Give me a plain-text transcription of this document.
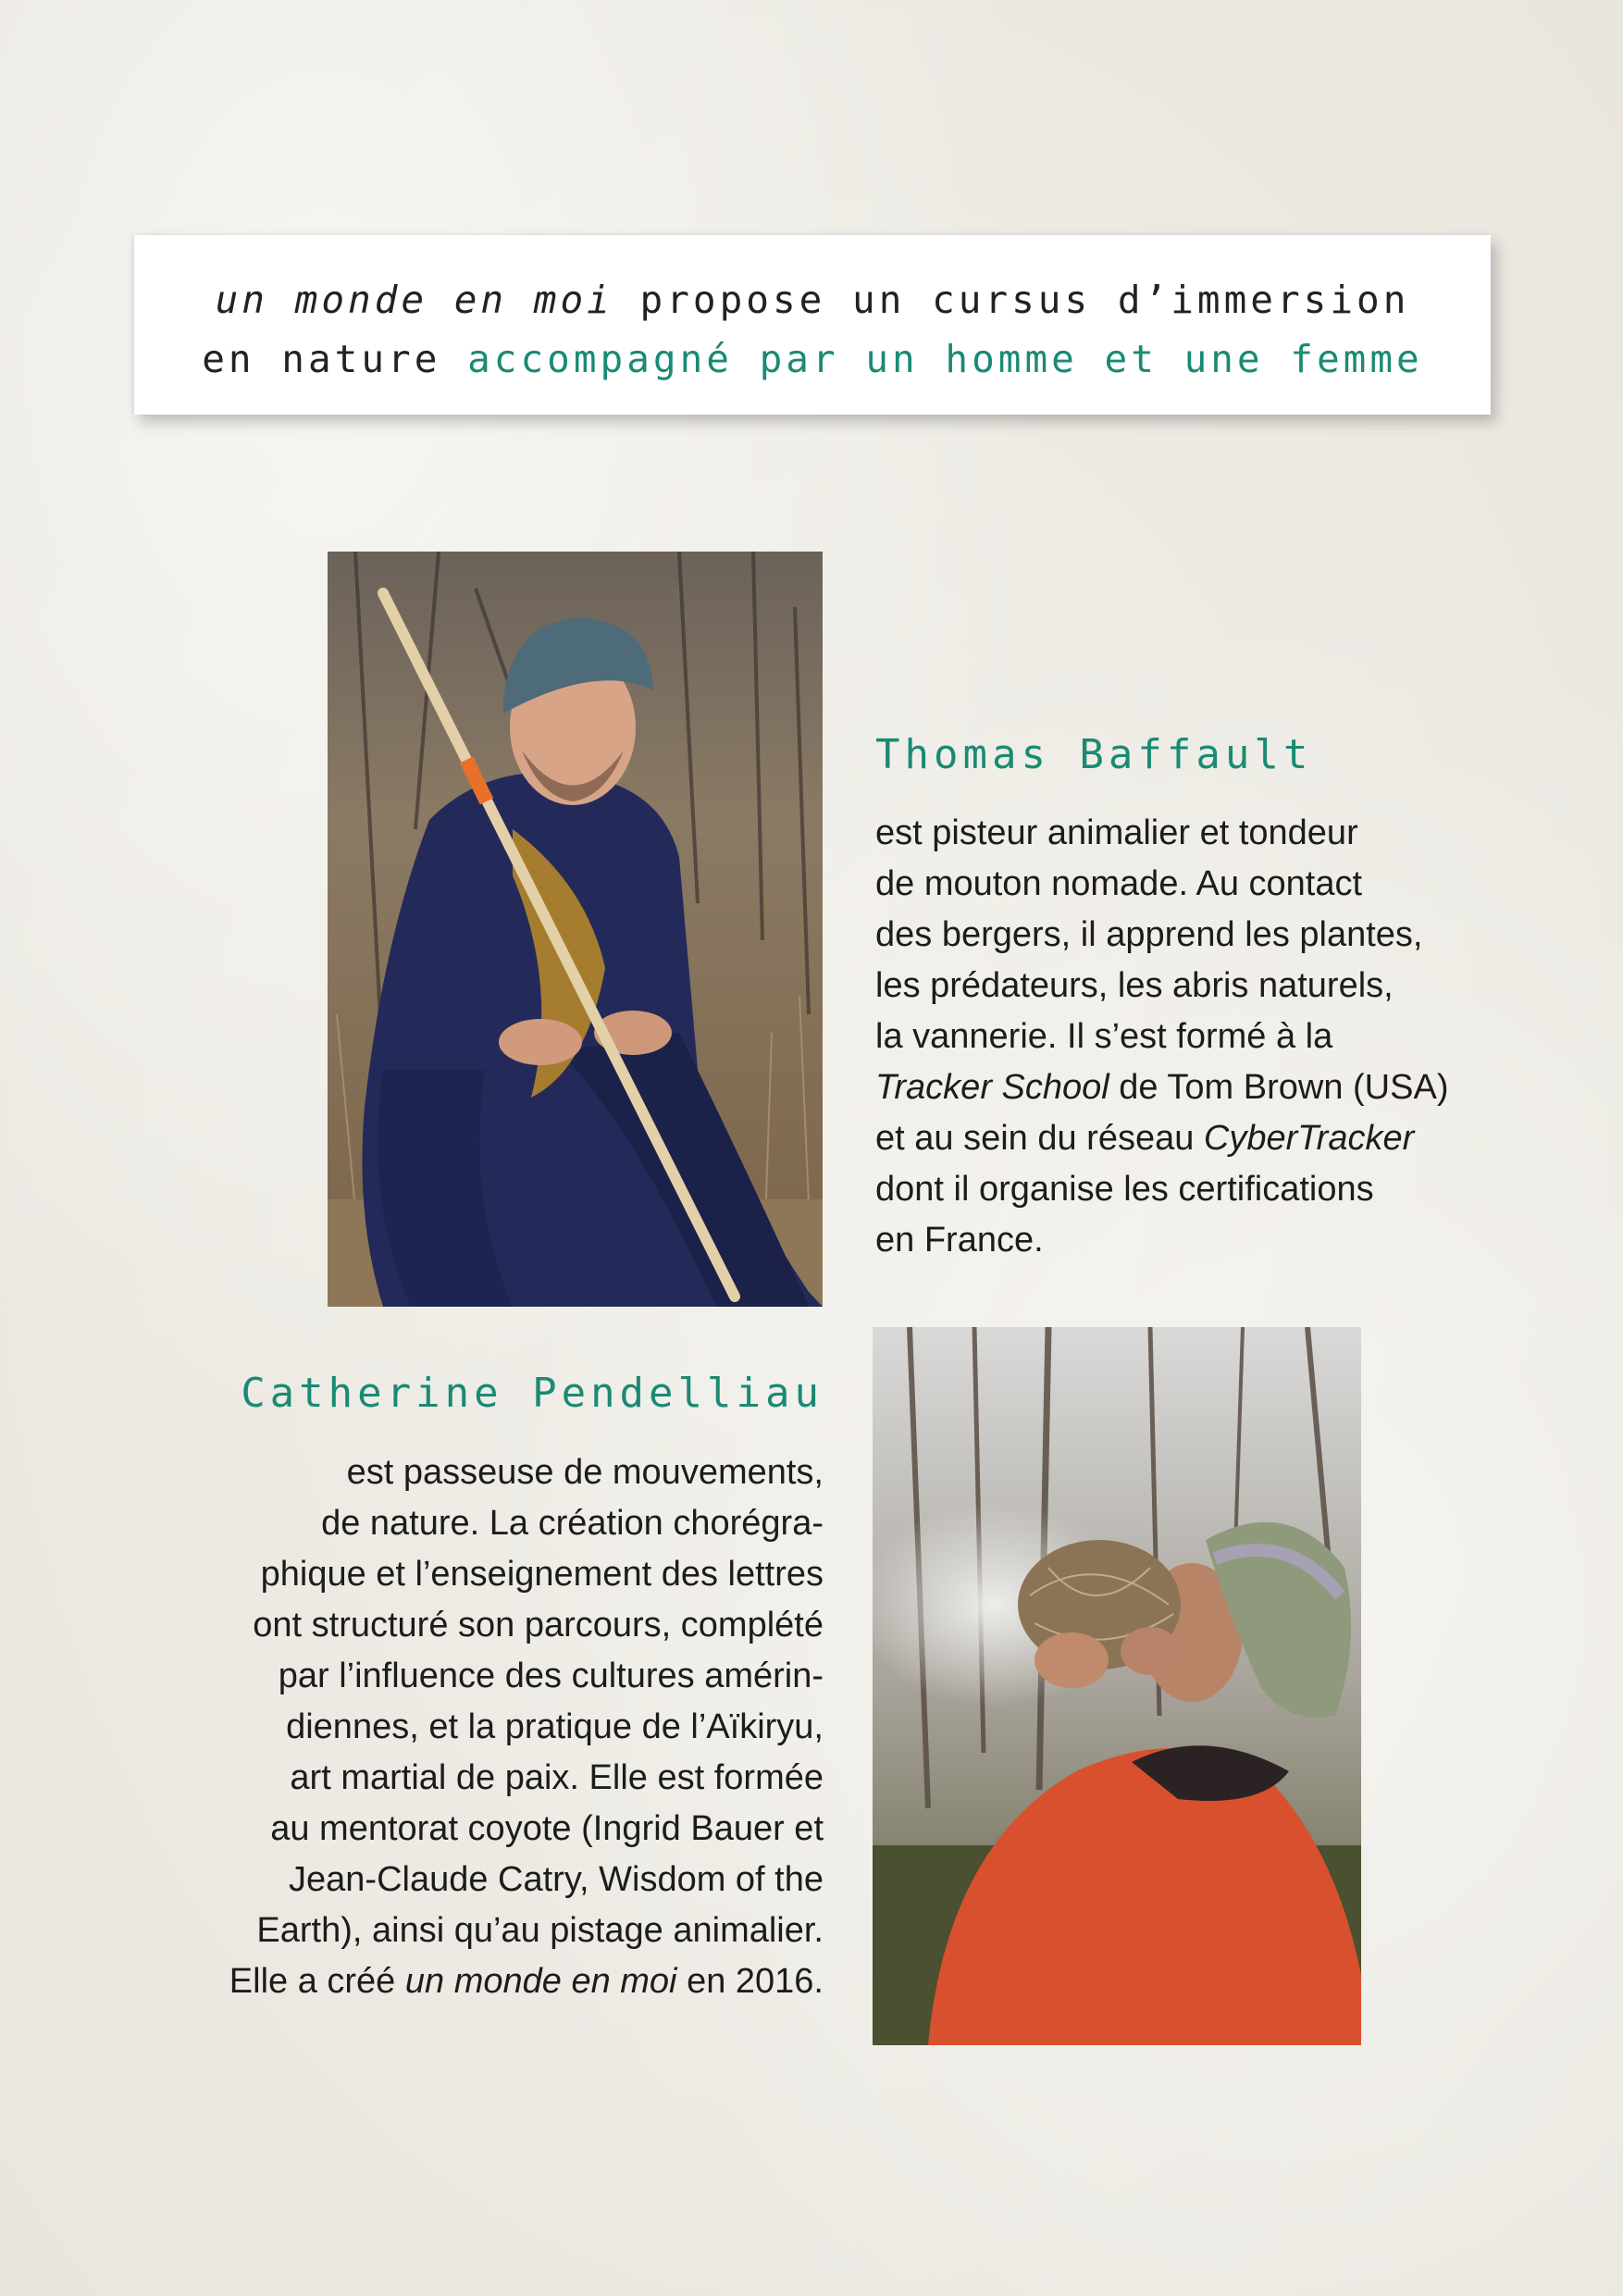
un monde en moi propose un cursus d’immersion
en nature accompagné par un homme et une femme
Thomas Baffault
est pisteur animalier et tondeur
de mouton nomade. Au contact
des bergers, il apprend les plantes,
les prédateurs, les abris naturels,
la vannerie. Il s’est formé à la
Tracker School de Tom Brown (USA)
et au sein du réseau CyberTracker
dont il organise les certifications
en France.
Catherine Pendelliau
est passeuse de mouvements,
de nature. La création chorégra-
phique et l’enseignement des lettres
ont structuré son parcours, complété
par l’influence des cultures amérin-
diennes, et la pratique de l’Aïkiryu,
art martial de paix. Elle est formée
au mentorat coyote (Ingrid Bauer et
Jean-Claude Catry, Wisdom of the
Earth), ainsi qu’au pistage animalier.
Elle a créé un monde en moi en 2016.
